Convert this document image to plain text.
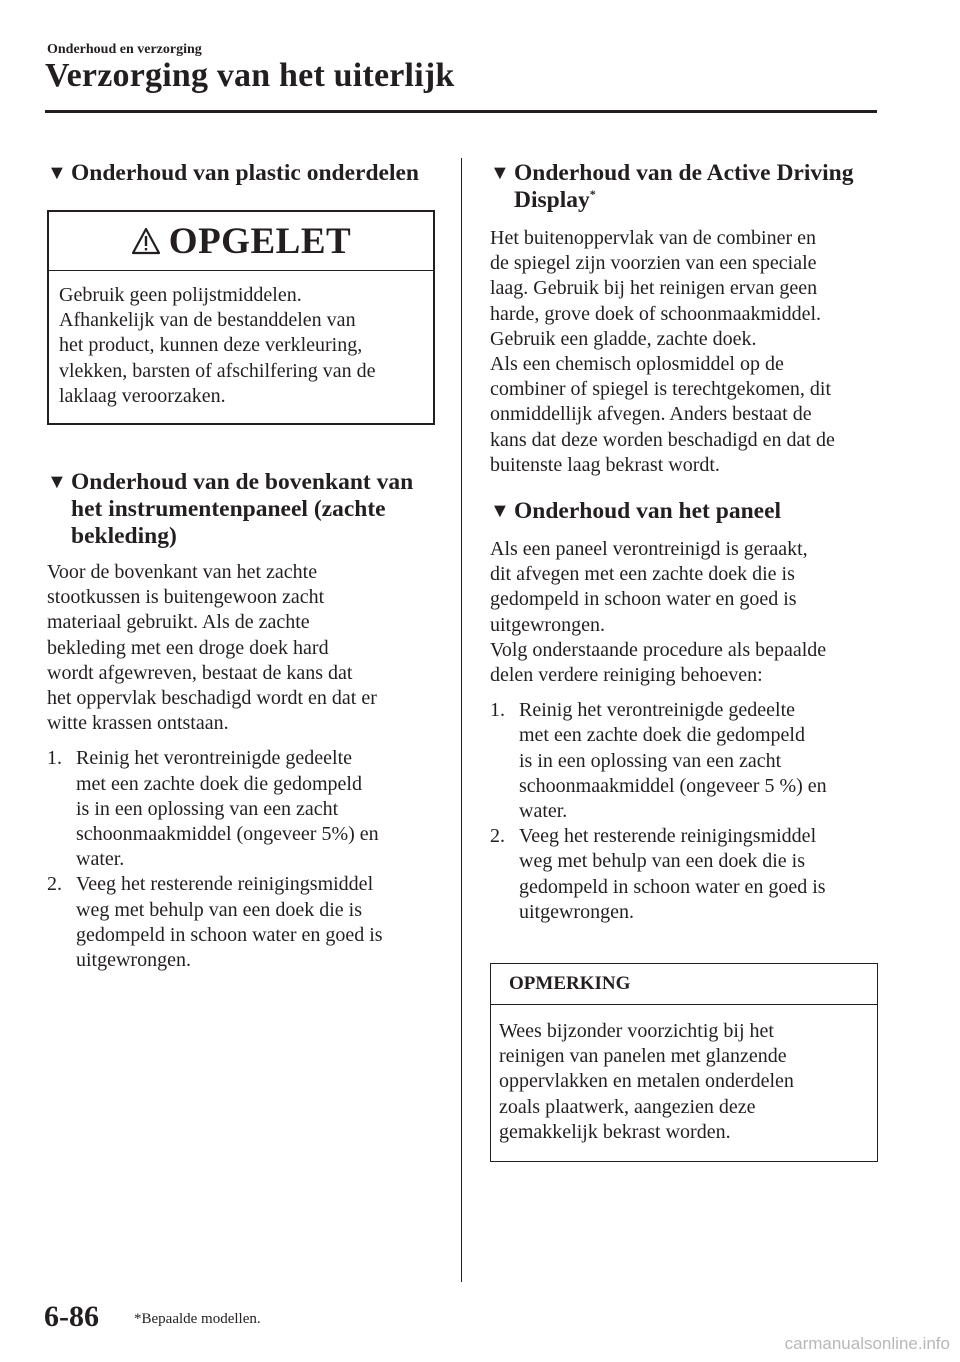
Onderhoud en verzorging
Verzorging van het uiterlijk
▼ Onderhoud van plastic onderdelen
OPGELET

Gebruik geen polijstmiddelen.

Afhankelijk van de bestanddelen van

het product, kunnen deze verkleuring,

vlekken, barsten of afschilfering van de

laklaag veroorzaken.

▼ Onderhoud van de bovenkant van
het instrumentenpaneel (zachte
bekleding)

Voor de bovenkant van het zachte

stootkussen is buitengewoon zacht

materiaal gebruikt. Als de zachte

bekleding met een droge doek hard

wordt afgewreven, bestaat de kans dat

het oppervlak beschadigd wordt en dat er

witte krassen ontstaan.

1. Reinig het verontreinigde gedeelte
met een zachte doek die gedompeld
is in een oplossing van een zacht
schoonmaakmiddel (ongeveer 5%) en
water.
2. Veeg het resterende reinigingsmiddel
weg met behulp van een doek die is
gedompeld in schoon water en goed is
uitgewrongen.
▼ Onderhoud van de Active Driving
Display*

Het buitenoppervlak van de combiner en

de spiegel zijn voorzien van een speciale

laag. Gebruik bij het reinigen ervan geen

harde, grove doek of schoonmaakmiddel.

Gebruik een gladde, zachte doek.

Als een chemisch oplosmiddel op de

combiner of spiegel is terechtgekomen, dit

onmiddellijk afvegen. Anders bestaat de

kans dat deze worden beschadigd en dat de

buitenste laag bekrast wordt.

▼ Onderhoud van het paneel

Als een paneel verontreinigd is geraakt,

dit afvegen met een zachte doek die is

gedompeld in schoon water en goed is

uitgewrongen.

Volg onderstaande procedure als bepaalde

delen verdere reiniging behoeven:

1. Reinig het verontreinigde gedeelte
met een zachte doek die gedompeld
is in een oplossing van een zacht
schoonmaakmiddel (ongeveer 5 %) en
water.
2. Veeg het resterende reinigingsmiddel
weg met behulp van een doek die is
gedompeld in schoon water en goed is
uitgewrongen.
OPMERKING

Wees bijzonder voorzichtig bij het

reinigen van panelen met glanzende

oppervlakken en metalen onderdelen

zoals plaatwerk, aangezien deze

gemakkelijk bekrast worden.

6-86 *Bepaalde modellen.
carmanualsonline.info
